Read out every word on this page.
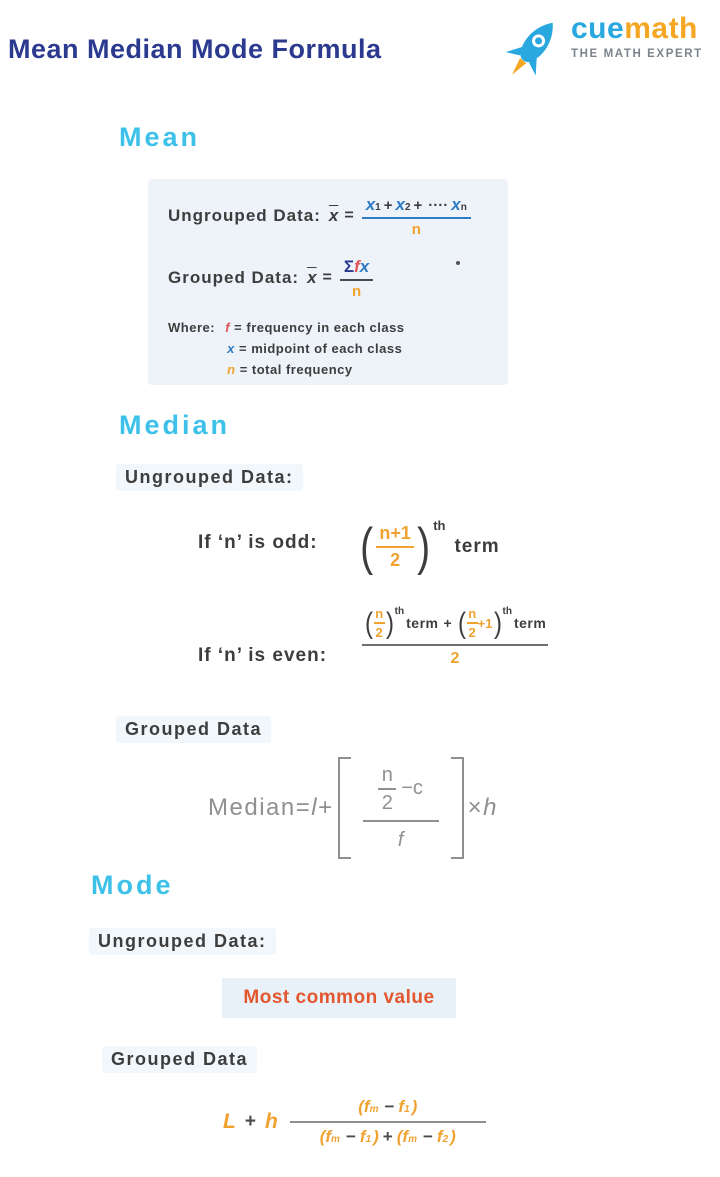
Mean Median Mode Formula
cuemath
THE MATH EXPERT
Mean
Ungrouped Data: $\overline{x}$ =
x 1 + x 2 + ···· x n
n
Grouped Data: $\overline{x} = \frac{\text{Σ f x}}{n}$
Where: f = frequency in each class
x = midpoint of each class
n = total frequency
Median
Ungrouped Data:
If ‘n’ is odd: ( n+1
2 )$^{th}$
term
If ‘n’ is even:
( n
2 )$^{th}$
term + ( n
2
+1 )$^{th}$
term
2
Grouped Data
Median=l+
n
2
−c
f
×h
Mode
Ungrouped Data:
Most common value
Grouped Data
L + h
( f m − f 1 )
( f m − f 1 ) + ( f m − f 2 )
